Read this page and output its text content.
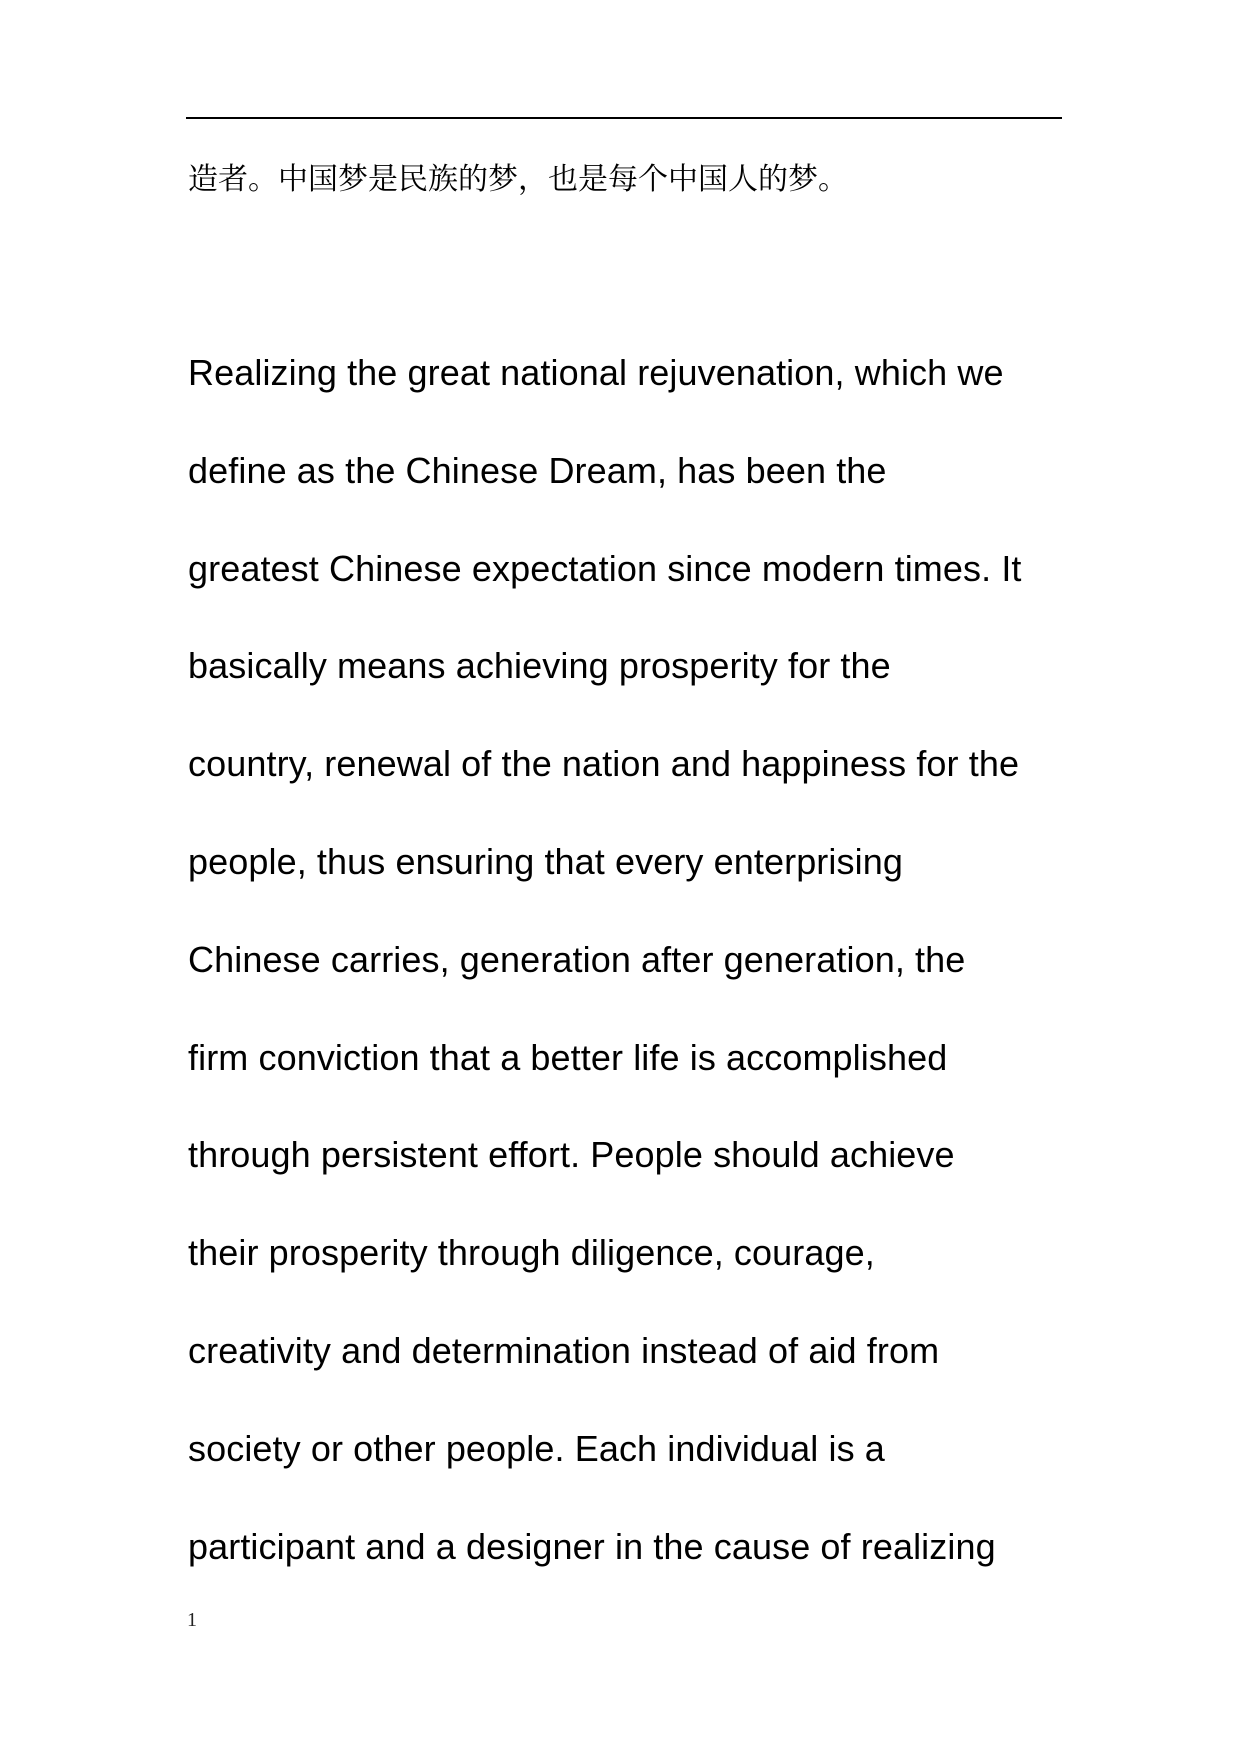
造者。中国梦是民族的梦，也是每个中国人的梦。
Realizing the great national rejuvenation, which we
define as the Chinese Dream, has been the
greatest Chinese expectation since modern times. It
basically means achieving prosperity for the
country, renewal of the nation and happiness for the
people, thus ensuring that every enterprising
Chinese carries, generation after generation, the
firm conviction that a better life is accomplished
through persistent effort. People should achieve
their prosperity through diligence, courage,
creativity and determination instead of aid from
society or other people. Each individual is a
participant and a designer in the cause of realizing
1
